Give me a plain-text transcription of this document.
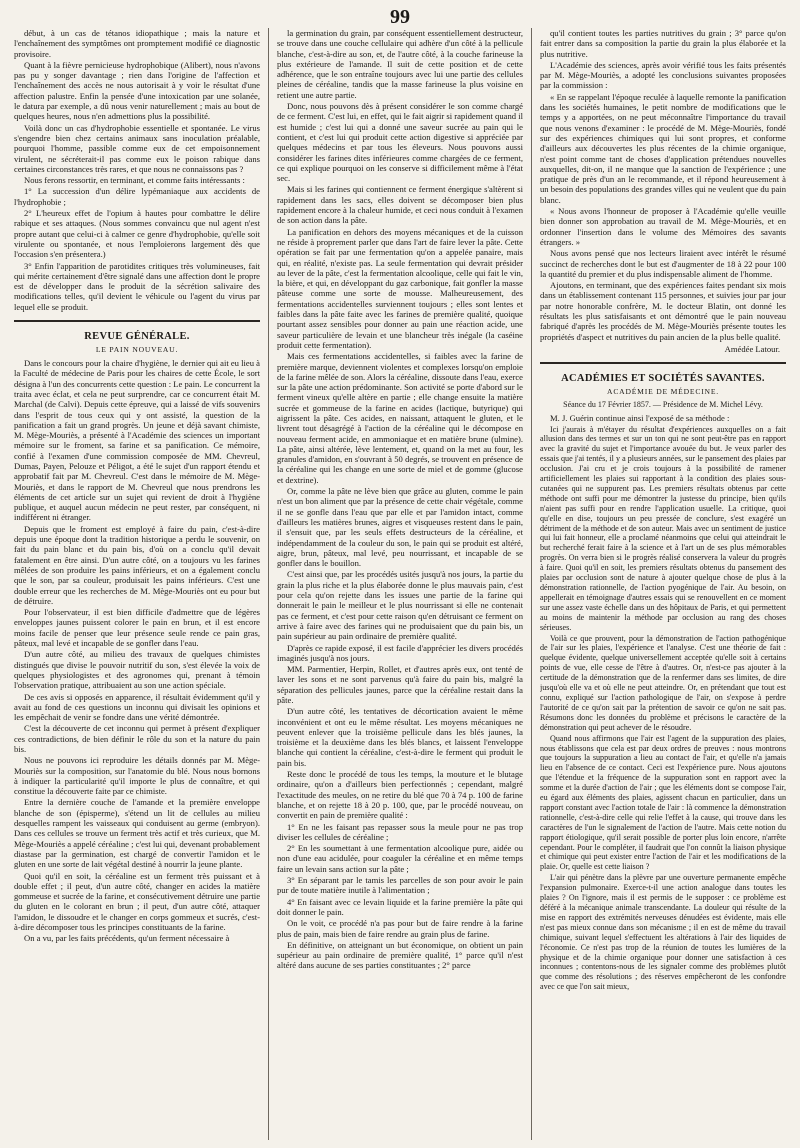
99

début, à un cas de tétanos idiopathique ; mais la nature et l'enchaînement des symptômes ont promptement modifié ce diagnostic provisoire.

Quant à la fièvre pernicieuse hydrophobique (Alibert), nous n'avons pas pu y songer davantage ; rien dans l'origine de l'affection et l'enchaînement des accès ne nous autorisait à y voir le résultat d'une affection palustre. Enfin la pensée d'une intoxication par une solanée, le datura par exemple, a dû nous venir naturellement ; mais au bout de quelques heures, nous n'en admettions plus la possibilité.

Voilà donc un cas d'hydrophobie essentielle et spontanée. Le virus s'engendre bien chez certains animaux sans inoculation préalable, pourquoi l'homme, passible comme eux de cet empoisonnement virulent, ne sécréterait-il pas comme eux le poison rabique dans certaines circonstances très rares, et que nous ne connaissons pas ?

Nous ferons ressortir, en terminant, et comme faits intéressants :

1° La succession d'un délire lypémaniaque aux accidents de l'hydrophobie ;

2° L'heureux effet de l'opium à hautes pour combattre le délire rabique et ses attaques. (Nous sommes convaincu que nul agent n'est propre autant que celui-ci à calmer ce genre d'hydrophobie, qu'elle soit virulente ou spontanée, et nous l'emploierons largement dès que l'occasion s'en présentera.)

3° Enfin l'apparition de parotidites critiques très volumineuses, fait qui mérite certainement d'être signalé dans une affection dont le propre est de développer dans le produit de la sécrétion salivaire des modifications telles, qu'il devient le véhicule ou l'agent du virus par lequel elle se produit.

REVUE GÉNÉRALE.
LE PAIN NOUVEAU.

Dans le concours pour la chaire d'hygiène, le dernier qui ait eu lieu à la Faculté de médecine de Paris pour les chaires de cette École, le sort désigna à l'un des concurrents cette question : Le pain. Le concurrent la traita avec éclat, et cela ne peut surprendre, car ce concurrent était M. Marchal (de Calvi). Depuis cette épreuve, qui a laissé de vifs souvenirs dans l'esprit de tous ceux qui y ont assisté, la question de la panification a fait un grand progrès. Un jeune et déjà savant chimiste, M. Mège-Mouriès, a présenté à l'Académie des sciences un important mémoire sur le froment, sa farine et sa panification. Ce mémoire, confié à l'examen d'une commission composée de MM. Chevreul, Dumas, Payen, Pelouze et Péligot, a été le sujet d'un rapport étendu et approbatif fait par M. Chevreul. C'est dans le mémoire de M. Mège-Mouriès, et dans le rapport de M. Chevreul que nous prendrons les éléments de cet article sur un sujet qui revient de droit à l'hygiène publique, et auquel aucun médecin ne peut rester, par conséquent, ni indifférent ni étranger.

Depuis que le froment est employé à faire du pain, c'est-à-dire depuis une époque dont la tradition historique a perdu le souvenir, on fait du pain blanc et du pain bis, d'où on a conclu qu'il devait fatalement en être ainsi. D'un autre côté, on a toujours vu les farines mêlées de son produire les pains inférieurs, et on a également conclu que le son, par sa couleur, produisait les pains inférieurs. C'est une double erreur que les recherches de M. Mège-Mouriès ont eu pour but de détruire.

Pour l'observateur, il est bien difficile d'admettre que de légères enveloppes jaunes puissent colorer le pain en brun, et il est encore moins facile de penser que leur présence seule rende ce pain gras, pâteux, mal levé et incapable de se gonfler dans l'eau.

D'un autre côté, au milieu des travaux de quelques chimistes distingués que divise le pouvoir nutritif du son, s'est élevée la voix de quelques physiologistes et des agronomes qui, prenant à témoin l'observation pratique, attribuaient au son une action spéciale.

De ces avis si opposés en apparence, il résultait évidemment qu'il y avait au fond de ces questions un inconnu qui divisait les opinions et les empêchait de venir se fondre dans une vérité démontrée.

C'est la découverte de cet inconnu qui permet à présent d'expliquer ces contradictions, de bien définir le rôle du son et la nature du pain bis.

Nous ne pouvons ici reproduire les détails donnés par M. Mège-Mouriès sur la composition, sur l'anatomie du blé. Nous nous bornons à indiquer la particularité qu'il importe le plus de connaître, et qui constitue la découverte faite par ce chimiste.

Entre la dernière couche de l'amande et la première enveloppe blanche de son (épisperme), s'étend un lit de cellules au milieu desquelles rampent les vaisseaux qui conduisent au germe (embryon). Dans ces cellules se trouve un ferment très actif et très curieux, que M. Mège-Mouriès a appelé céréaline ; c'est lui qui, devenant probablement diastase par la germination, est chargé de convertir l'amidon et le gluten en une sorte de lait végétal destiné à nourrir la jeune plante.

Quoi qu'il en soit, la céréaline est un ferment très puissant et à double effet ; il peut, d'un autre côté, changer en acides la matière gommeuse et sucrée de la farine, et consécutivement détruire une partie du gluten en le colorant en brun ; il peut, d'un autre côté, attaquer l'amidon, le dissoudre et le changer en corps gommeux et sucrés, c'est-à-dire décomposer tous les principes constituants de la farine.

On a vu, par les faits précédents, qu'un ferment nécessaire à

la germination du grain, par conséquent essentiellement destructeur, se trouve dans une couche cellulaire qui adhère d'un côté à la pellicule blanche, c'est-à-dire au son, et, de l'autre côté, à la couche farineuse la plus extérieure de l'amande. Il suit de cette position et de cette adhérence, que le son entraîne toujours avec lui une partie des cellules pleines de céréaline, tandis que la masse farineuse la plus voisine en retient une autre partie.

Donc, nous pouvons dès à présent considérer le son comme chargé de ce ferment. C'est lui, en effet, qui le fait aigrir si rapidement quand il est humide ; c'est lui qui a donné une saveur sucrée au pain qui le contient, et c'est lui qui produit cette action digestive si appréciée par quelques médecins et par tous les éleveurs. Nous pouvons aussi considérer les farines dites inférieures comme chargées de ce ferment, ce qui explique pourquoi on les conserve si difficilement même à l'état sec.

Mais si les farines qui contiennent ce ferment énergique s'altèrent si rapidement dans les sacs, elles doivent se décomposer bien plus rapidement encore à la chaleur humide, et ceci nous conduit à l'examen de son action dans la pâte.

La panification en dehors des moyens mécaniques et de la cuisson ne réside à proprement parler que dans l'art de faire lever la pâte. Cette opération se fait par une fermentation qu'on a appelée panaire, mais qui, en réalité, n'existe pas. La seule fermentation qui devrait présider au lever de la pâte, c'est la fermentation alcoolique, celle qui fait le vin, la bière, et qui, en développant du gaz carbonique, fait gonfler la masse pâteuse comme une sorte de mousse. Malheureusement, des fermentations accidentelles surviennent toujours ; elles sont lentes et faibles dans la pâte faite avec les farines de première qualité, quoique pourtant assez sensibles pour donner au pain une réaction acide, une saveur particulière de levain et une blancheur très inégale (la caséine produit cette fermentation).

Mais ces fermentations accidentelles, si faibles avec la farine de première marque, deviennent violentes et complexes lorsqu'on emploie de la farine mêlée de son. Alors la céréaline, dissoute dans l'eau, exerce sur la pâte une action prédominante. Son activité se porte d'abord sur le ferment vineux qu'elle altère en partie ; elle change ensuite la matière sucrée et gommeuse de la farine en acides (lactique, butyrique) qui aigrissent la pâte. Ces acides, en naissant, attaquent le gluten, et le livrent tout désagrégé à l'action de la céréaline qui le décompose en nouveau ferment acide, en ammoniaque et en matière brune (ulmine). La pâte, ainsi altérée, lève lentement, et, quand on la met au four, les granules d'amidon, en s'ouvrant à 50 degrés, se trouvent en présence de la céréaline qui les change en une sorte de miel et de gomme (glucose et dextrine).

Or, comme la pâte ne lève bien que grâce au gluten, comme le pain n'est un bon aliment que par la présence de cette chair végétale, comme il ne se gonfle dans l'eau que par elle et par l'amidon intact, comme d'ailleurs les matières brunes, aigres et visqueuses restent dans le pain, il s'ensuit que, par les seuls effets destructeurs de la céréaline, et indépendamment de la couleur du son, le pain qui se produit est altéré, aigre, brun, pâteux, mal levé, peu nourrissant, et incapable de se gonfler dans le bouillon.

C'est ainsi que, par les procédés usités jusqu'à nos jours, la partie du grain la plus riche et la plus élaborée donne le plus mauvais pain, c'est pour cela qu'on rejette dans les issues une partie de la farine qui donnerait le pain le meilleur et le plus nourrissant si elle ne contenait pas ce ferment, et c'est pour cette raison qu'en détruisant ce ferment on arrive à faire avec des farines qui ne produisaient que du pain bis, un pain supérieur au pain ordinaire de première qualité.

D'après ce rapide exposé, il est facile d'apprécier les divers procédés imaginés jusqu'à nos jours.

MM. Parmentier, Herpin, Rollet, et d'autres après eux, ont tenté de laver les sons et ne sont parvenus qu'à faire du pain bis, malgré la séparation des pellicules jaunes, parce que la céréaline restait dans la pâte.

D'un autre côté, les tentatives de décortication avaient le même inconvénient et ont eu le même résultat. Les moyens mécaniques ne peuvent enlever que la troisième pellicule dans les blés jaunes, la troisième et la deuxième dans les blés blancs, et laissent l'enveloppe blanche qui contient la céréaline, c'est-à-dire le ferment qui produit le pain bis.

Reste donc le procédé de tous les temps, la mouture et le blutage ordinaire, qu'on a d'ailleurs bien perfectionnés ; cependant, malgré l'exactitude des meules, on ne retire du blé que 70 à 74 p. 100 de farine blanche, et on rejette 18 à 20 p. 100, que, par le procédé nouveau, on convertit en pain de première qualité :

1° En ne les faisant pas repasser sous la meule pour ne pas trop diviser les cellules de céréaline ;

2° En les soumettant à une fermentation alcoolique pure, aidée ou non d'une eau acidulée, pour coaguler la céréaline et en même temps faire un levain sans action sur la pâte ;

3° En séparant par le tamis les parcelles de son pour avoir le pain pur de toute matière inutile à l'alimentation ;

4° En faisant avec ce levain liquide et la farine première la pâte qui doit donner le pain.

On le voit, ce procédé n'a pas pour but de faire rendre à la farine plus de pain, mais bien de faire rendre au grain plus de farine.

En définitive, on atteignant un but économique, on obtient un pain supérieur au pain ordinaire de première qualité, 1° parce qu'il n'est altéré dans aucune de ses parties constituantes ; 2° parce

qu'il contient toutes les parties nutritives du grain ; 3° parce qu'on fait entrer dans sa composition la partie du grain la plus élaborée et la plus nutritive.

L'Académie des sciences, après avoir vérifié tous les faits présentés par M. Mège-Mouriès, a adopté les conclusions suivantes proposées par la commission :

« En se rappelant l'époque reculée à laquelle remonte la panification dans les sociétés humaines, le petit nombre de modifications que le temps y a apportées, on ne peut méconnaître l'importance du travail que nous venons d'examiner : le procédé de M. Mège-Mouriès, fondé sur des expériences chimiques qui lui sont propres, et conforme d'ailleurs aux découvertes les plus récentes de la chimie organique, n'est point comme tant de choses d'application prétendues nouvelles auxquelles, dit-on, il ne manque que la sanction de l'expérience ; une pratique de près d'un an le recommande, et il répond heureusement à un besoin des populations des grandes villes qui ne veulent que du pain blanc.

« Nous avons l'honneur de proposer à l'Académie qu'elle veuille bien donner son approbation au travail de M. Mège-Mouriès, et en ordonner l'insertion dans le volume des Mémoires des savants étrangers. »

Nous avons pensé que nos lecteurs liraient avec intérêt le résumé succinct de recherches dont le but est d'augmenter de 18 à 22 pour 100 la quantité du premier et du plus indispensable aliment de l'homme.

Ajoutons, en terminant, que des expériences faites pendant six mois dans un établissement contenant 115 personnes, et suivies jour par jour par notre honorable confrère, M. le docteur Blatin, ont donné les résultats les plus satisfaisants et ont démontré que le pain nouveau fabriqué d'après les procédés de M. Mège-Mouriès présente toutes les propriétés d'aspect et nutritives du pain ancien de la plus belle qualité.

Amédée Latour.
ACADÉMIES ET SOCIÉTÉS SAVANTES.
ACADÉMIE DE MÉDECINE.
Séance du 17 Février 1857. — Présidence de M. Michel Lévy.

M. J. Guérin continue ainsi l'exposé de sa méthode :

Ici j'aurais à m'étayer du résultat d'expériences auxquelles on a fait allusion dans des termes et sur un ton qui ne sont peut-être pas en rapport avec la gravité du sujet et l'importance avouée du but. Je veux parler des essais que j'ai tentés, il y a plusieurs années, sur le pansement des plaies par occlusion. J'ai cru et je crois toujours à la possibilité de ramener artificiellement les plaies sui rapportant à la condition des plaies sous-cutanées qui ne suppurent pas. Les premiers résultats obtenus par cette méthode ont suffi pour me démontrer la justesse du principe, bien qu'ils n'aient pas suffi pour en rendre l'application usuelle. La critique, quoi qu'elle en dise, toujours un peu pressée de conclure, s'est exagéré un détriment de la méthode et de son auteur. Mais avec un sentiment de justice qui lui fait honneur, elle a proclamé néanmoins que celui qui atteindrait le but recherché ferait faire à la science et à l'art un de ses plus mémorables progrès. On verra bien si le progrès réalisé conservera la valeur du progrès à faire. Quoi qu'il en soit, les premiers résultats obtenus du pansement des plaies par occlusion sont de nature à ajouter quelque chose de plus à la démonstration rationnelle, de l'action pyogénique de l'air. Au besoin, on appellerait en témoignage d'autres essais qui se renouvellent en ce moment sur une assez vaste échelle dans un des hôpitaux de Paris, et qui permettent au moins de maintenir la méthode par occlusion au rang des choses sérieuses.

Voilà ce que prouvent, pour la démonstration de l'action pathogénique de l'air sur les plaies, l'expérience et l'analyse. C'est une théorie de fait : quelque évidente, quelque universellement acceptée qu'elle soit à certains points de vue, elle cesse de l'être à d'autres. Or, n'est-ce pas ajouter à la certitude de la démonstration que de la renfermer dans ses limites, de dire jusqu'où elle va et où elle ne peut atteindre. Or, en prétendant que tout est connu, expliqué sur l'action pathologique de l'air, on s'expose à perdre l'autorité de ce qu'on sait par la prétention de savoir ce qu'on ne sait pas. Résumons donc les données du problème et précisons le caractère de la démonstration qui peut achever de le résoudre.

Quand nous affirmons que l'air est l'agent de la suppuration des plaies, nous établissons que cela est par deux ordres de preuves : nous montrons que toujours la suppuration a lieu au contact de l'air, et qu'elle n'a jamais lieu en l'absence de ce contact. Ceci est l'expérience pure. Nous ajoutons que l'étendue et la fréquence de la suppuration sont en rapport avec la somme et la durée d'action de l'air ; que les éléments dont se compose l'air, eu égard aux éléments des plaies, agissent chacun en particulier, dans un rapport constant avec l'action totale de l'air : là commence la démonstration rationnelle, c'est-à-dire celle qui relie l'effet à la cause, qui trouve dans les caractères de l'un le signalement de l'action de l'autre. Mais cette notion du rapport étiologique, qu'il serait possible de porter plus loin encore, n'arrête cependant. Pour le compléter, il faudrait que l'on connût la liaison physique et chimique qui peut exister entre l'action de l'air et les modifications de la plaie. Or, quelle est cette liaison ?

L'air qui pénètre dans la plèvre par une ouverture permanente empêche l'expansion pulmonaire. Exerce-t-il une action analogue dans toutes les plaies ? On l'ignore, mais il est permis de le supposer : ce problème est déféré à la mécanique animale transcendante. La douleur qui résulte de la mise en rapport des extrémités nerveuses dénudées est évidente, mais elle n'est pas mieux connue dans son mécanisme ; il en est de même du travail chimique, suivant lequel s'effectuent les altérations à l'air des liquides de l'économie. Ce n'est pas trop de la réunion de toutes les lumières de la physique et de la chimie organique pour donner une satisfaction à ces inconnues ; contentons-nous de les signaler comme des problèmes plutôt que comme des résolutions ; des réserves empêcheront de les confondre avec ce que l'on sait mieux,
